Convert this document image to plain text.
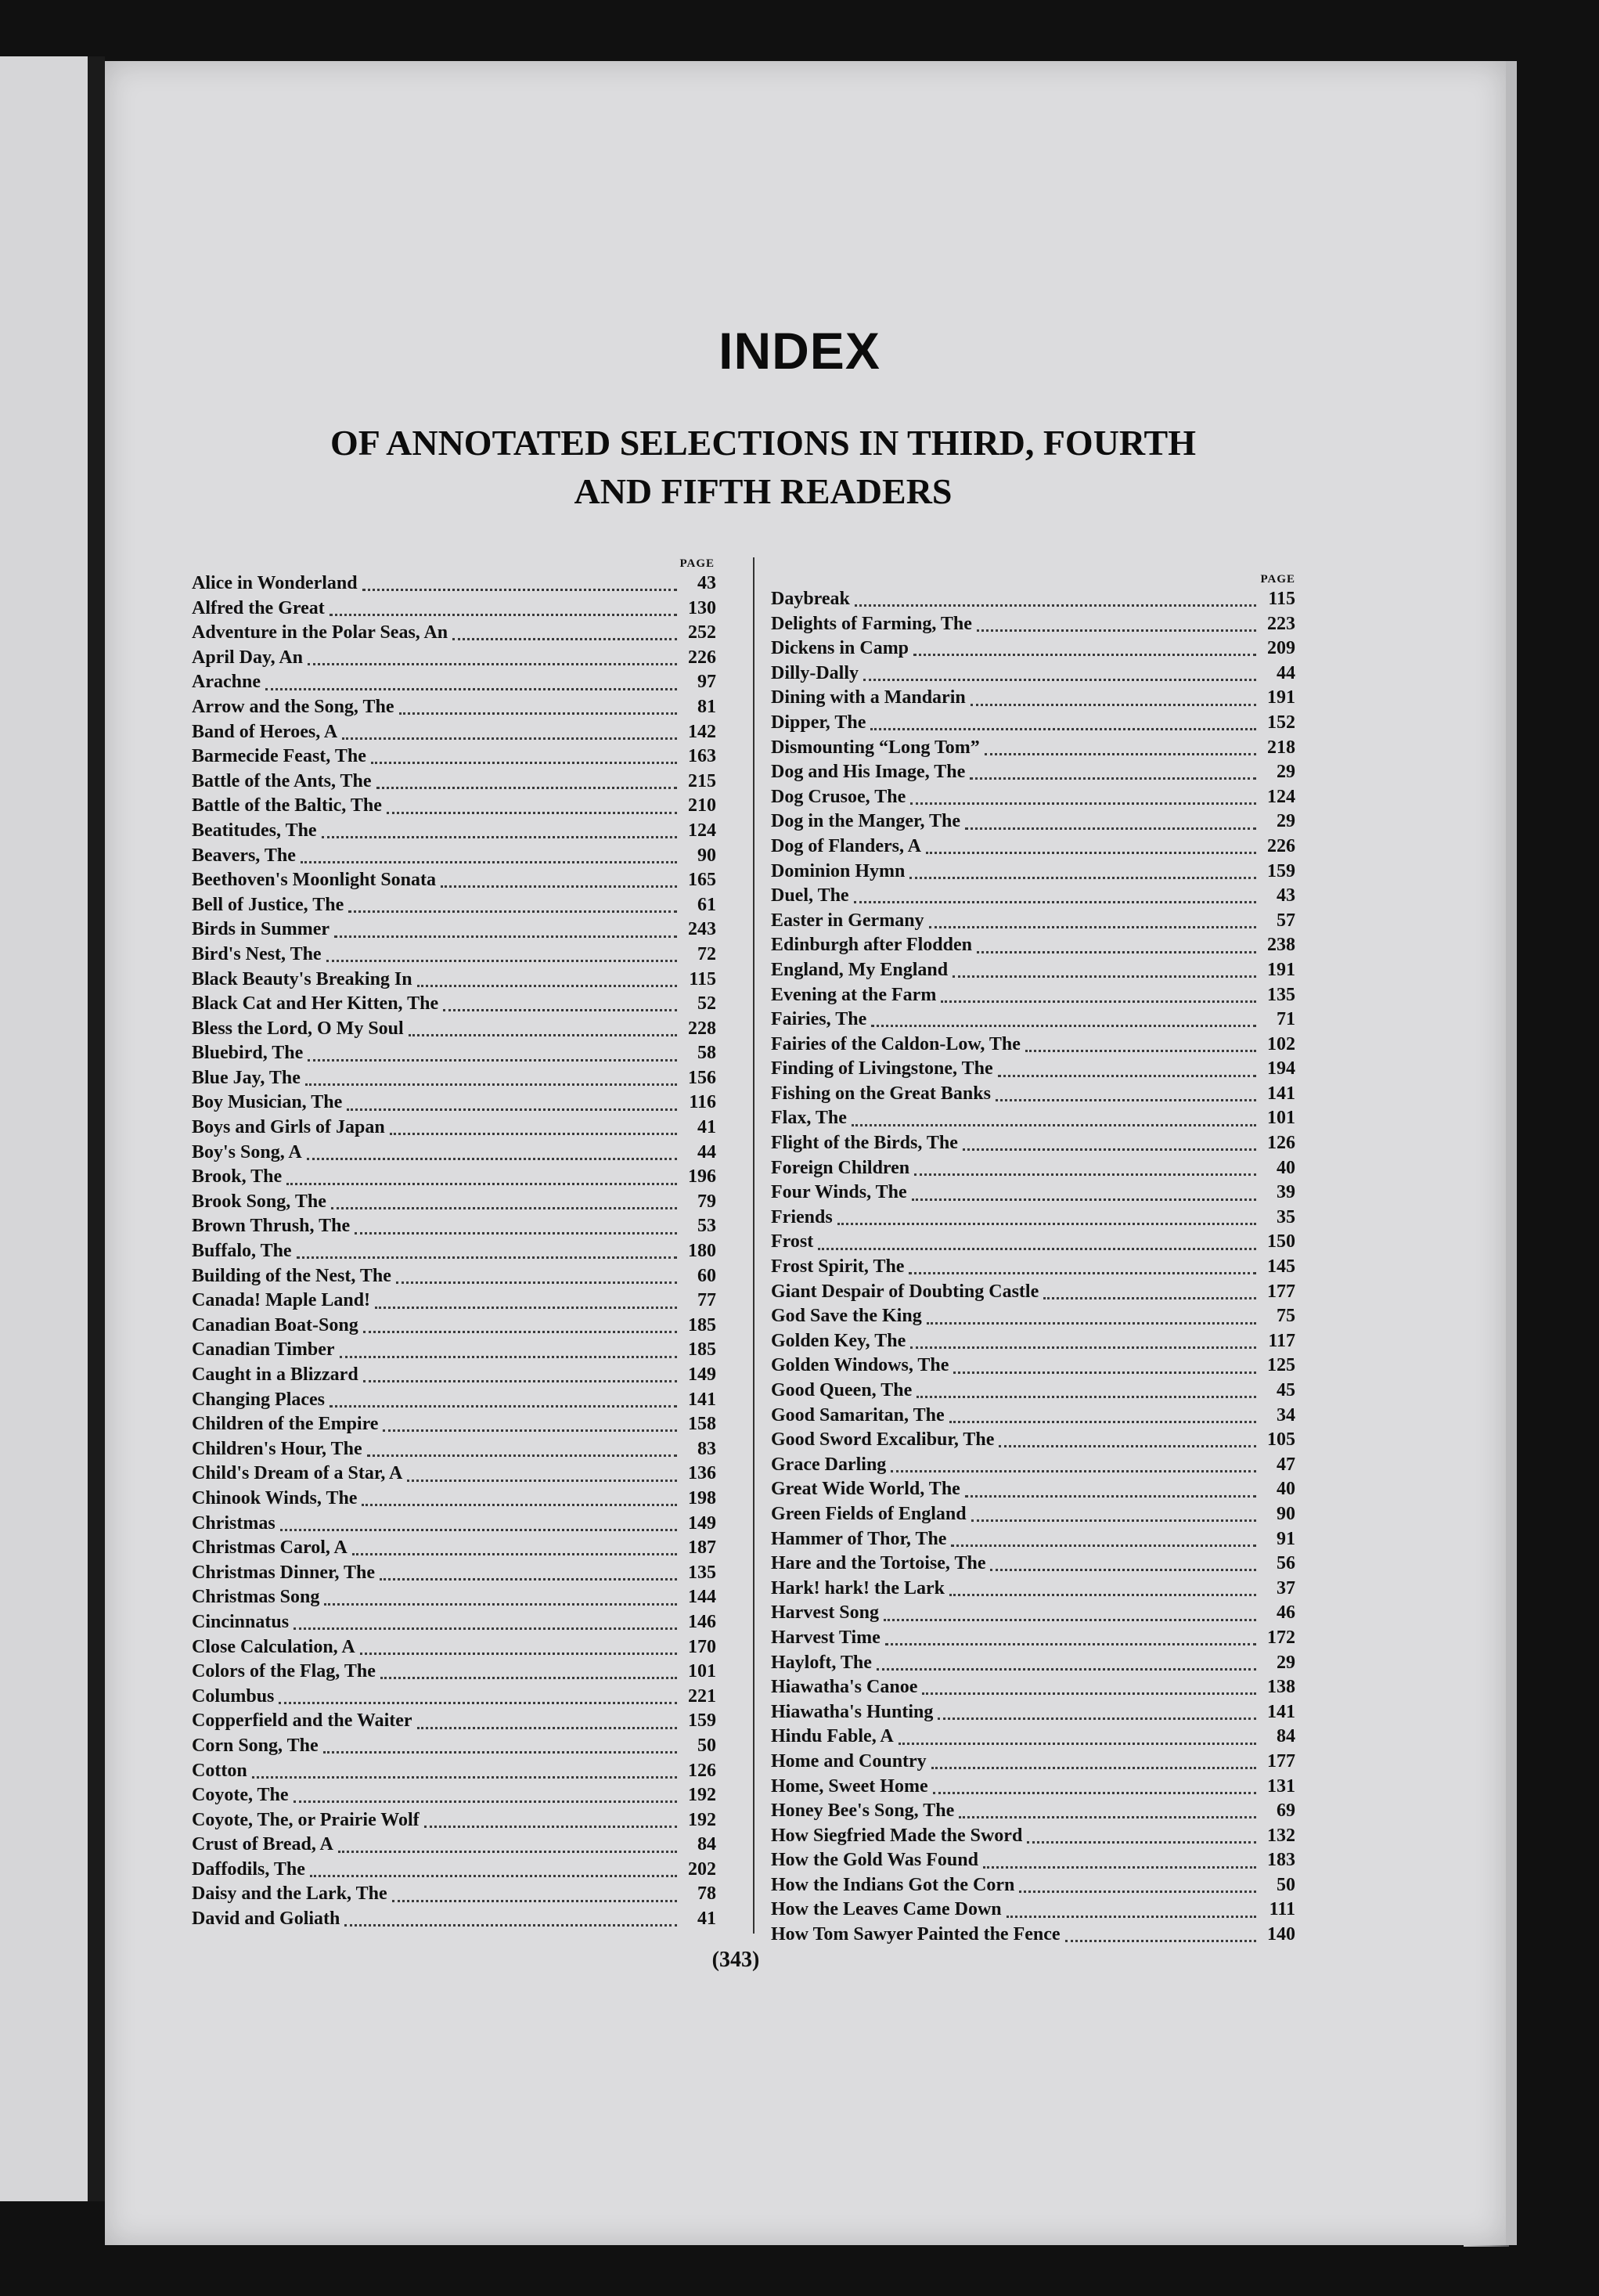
INDEX
OF ANNOTATED SELECTIONS IN THIRD, FOURTH
AND FIFTH READERS
PAGE
Alice in Wonderland	43
Alfred the Great	130
Adventure in the Polar Seas, An	252
April Day, An	226
Arachne	97
Arrow and the Song, The	81
Band of Heroes, A	142
Barmecide Feast, The	163
Battle of the Ants, The	215
Battle of the Baltic, The	210
Beatitudes, The	124
Beavers, The	90
Beethoven's Moonlight Sonata	165
Bell of Justice, The	61
Birds in Summer	243
Bird's Nest, The	72
Black Beauty's Breaking In	115
Black Cat and Her Kitten, The	52
Bless the Lord, O My Soul	228
Bluebird, The	58
Blue Jay, The	156
Boy Musician, The	116
Boys and Girls of Japan	41
Boy's Song, A	44
Brook, The	196
Brook Song, The	79
Brown Thrush, The	53
Buffalo, The	180
Building of the Nest, The	60
Canada! Maple Land!	77
Canadian Boat-Song	185
Canadian Timber	185
Caught in a Blizzard	149
Changing Places	141
Children of the Empire	158
Children's Hour, The	83
Child's Dream of a Star, A	136
Chinook Winds, The	198
Christmas	149
Christmas Carol, A	187
Christmas Dinner, The	135
Christmas Song	144
Cincinnatus	146
Close Calculation, A	170
Colors of the Flag, The	101
Columbus	221
Copperfield and the Waiter	159
Corn Song, The	50
Cotton	126
Coyote, The	192
Coyote, The, or Prairie Wolf	192
Crust of Bread, A	84
Daffodils, The	202
Daisy and the Lark, The	78
David and Goliath	41
PAGE
Daybreak	115
Delights of Farming, The	223
Dickens in Camp	209
Dilly-Dally	44
Dining with a Mandarin	191
Dipper, The	152
Dismounting “Long Tom”	218
Dog and His Image, The	29
Dog Crusoe, The	124
Dog in the Manger, The	29
Dog of Flanders, A	226
Dominion Hymn	159
Duel, The	43
Easter in Germany	57
Edinburgh after Flodden	238
England, My England	191
Evening at the Farm	135
Fairies, The	71
Fairies of the Caldon-Low, The	102
Finding of Livingstone, The	194
Fishing on the Great Banks	141
Flax, The	101
Flight of the Birds, The	126
Foreign Children	40
Four Winds, The	39
Friends	35
Frost	150
Frost Spirit, The	145
Giant Despair of Doubting Castle	177
God Save the King	75
Golden Key, The	117
Golden Windows, The	125
Good Queen, The	45
Good Samaritan, The	34
Good Sword Excalibur, The	105
Grace Darling	47
Great Wide World, The	40
Green Fields of England	90
Hammer of Thor, The	91
Hare and the Tortoise, The	56
Hark! hark! the Lark	37
Harvest Song	46
Harvest Time	172
Hayloft, The	29
Hiawatha's Canoe	138
Hiawatha's Hunting	141
Hindu Fable, A	84
Home and Country	177
Home, Sweet Home	131
Honey Bee's Song, The	69
How Siegfried Made the Sword	132
How the Gold Was Found	183
How the Indians Got the Corn	50
How the Leaves Came Down	111
How Tom Sawyer Painted the Fence	140
(343)
